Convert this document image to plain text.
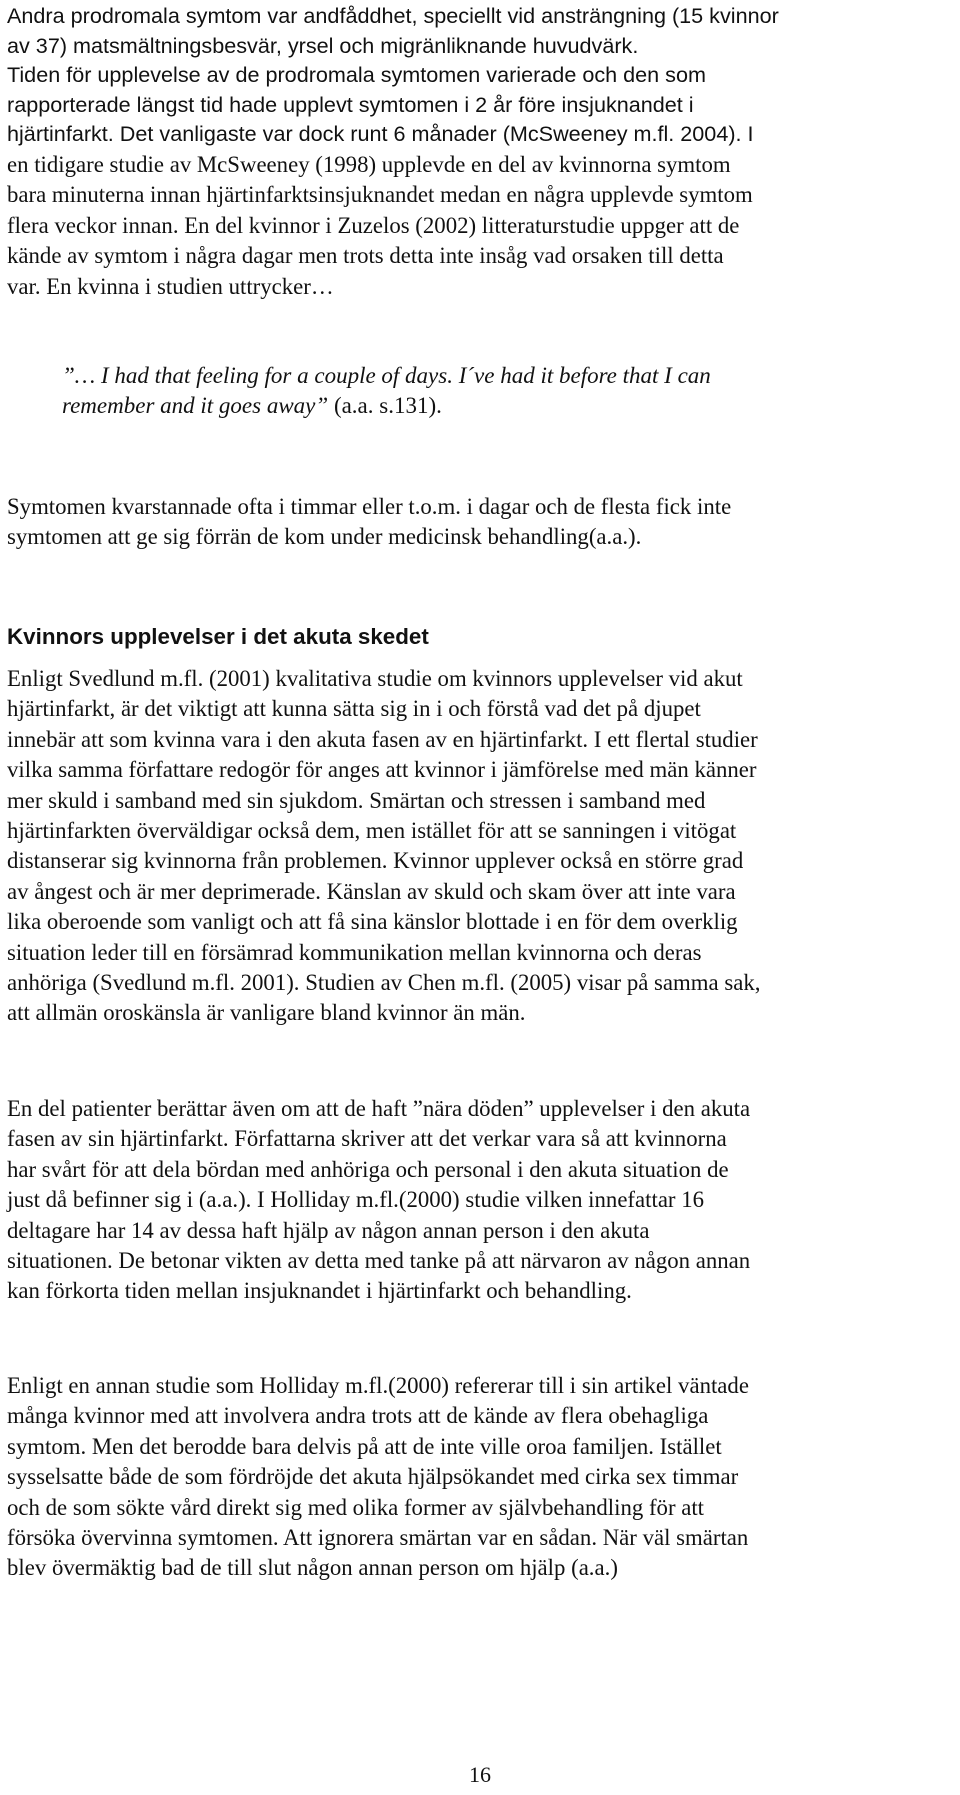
Andra prodromala symtom var andfåddhet, speciellt vid ansträngning (15 kvinnor
av 37) matsmältningsbesvär, yrsel och migränliknande huvudvärk.
Tiden för upplevelse av de prodromala symtomen varierade och den som
rapporterade längst tid hade upplevt symtomen i 2 år före insjuknandet i
hjärtinfarkt. Det vanligaste var dock runt 6 månader (McSweeney m.fl. 2004). I
en tidigare studie av McSweeney (1998) upplevde en del av kvinnorna symtom
bara minuterna innan hjärtinfarktsinsjuknandet medan en några upplevde symtom
flera veckor innan. En del kvinnor i Zuzelos (2002) litteraturstudie uppger att de
kände av symtom i några dagar men trots detta inte insåg vad orsaken till detta
var. En kvinna i studien uttrycker…
”… I had that feeling for a couple of days. I´ve had it before that I can
remember and it goes away” (a.a. s.131).
Symtomen kvarstannade ofta i timmar eller t.o.m. i dagar och de flesta fick inte
symtomen att ge sig förrän de kom under medicinsk behandling(a.a.).
Kvinnors upplevelser i det akuta skedet
Enligt Svedlund m.fl. (2001) kvalitativa studie om kvinnors upplevelser vid akut
hjärtinfarkt, är det viktigt att kunna sätta sig in i och förstå vad det på djupet
innebär att som kvinna vara i den akuta fasen av en hjärtinfarkt. I ett flertal studier
vilka samma författare redogör för anges att kvinnor i jämförelse med män känner
mer skuld i samband med sin sjukdom. Smärtan och stressen i samband med
hjärtinfarkten överväldigar också dem, men istället för att se sanningen i vitögat
distanserar sig kvinnorna från problemen. Kvinnor upplever också en större grad
av ångest och är mer deprimerade. Känslan av skuld och skam över att inte vara
lika oberoende som vanligt och att få sina känslor blottade i en för dem overklig
situation leder till en försämrad kommunikation mellan kvinnorna och deras
anhöriga (Svedlund m.fl. 2001). Studien av Chen m.fl. (2005) visar på samma sak,
att allmän oroskänsla är vanligare bland kvinnor än män.
En del patienter berättar även om att de haft ”nära döden” upplevelser i den akuta
fasen av sin hjärtinfarkt. Författarna skriver att det verkar vara så att kvinnorna
har svårt för att dela bördan med anhöriga och personal i den akuta situation de
just då befinner sig i (a.a.). I Holliday m.fl.(2000) studie vilken innefattar 16
deltagare har 14 av dessa haft hjälp av någon annan person i den akuta
situationen. De betonar vikten av detta med tanke på att närvaron av någon annan
kan förkorta tiden mellan insjuknandet i hjärtinfarkt och behandling.
Enligt en annan studie som Holliday m.fl.(2000) refererar till i sin artikel väntade
många kvinnor med att involvera andra trots att de kände av flera obehagliga
symtom. Men det berodde bara delvis på att de inte ville oroa familjen. Istället
sysselsatte både de som fördröjde det akuta hjälpsökandet med cirka sex timmar
och de som sökte vård direkt sig med olika former av självbehandling för att
försöka övervinna symtomen. Att ignorera smärtan var en sådan. När väl smärtan
blev övermäktig bad de till slut någon annan person om hjälp (a.a.)
16
